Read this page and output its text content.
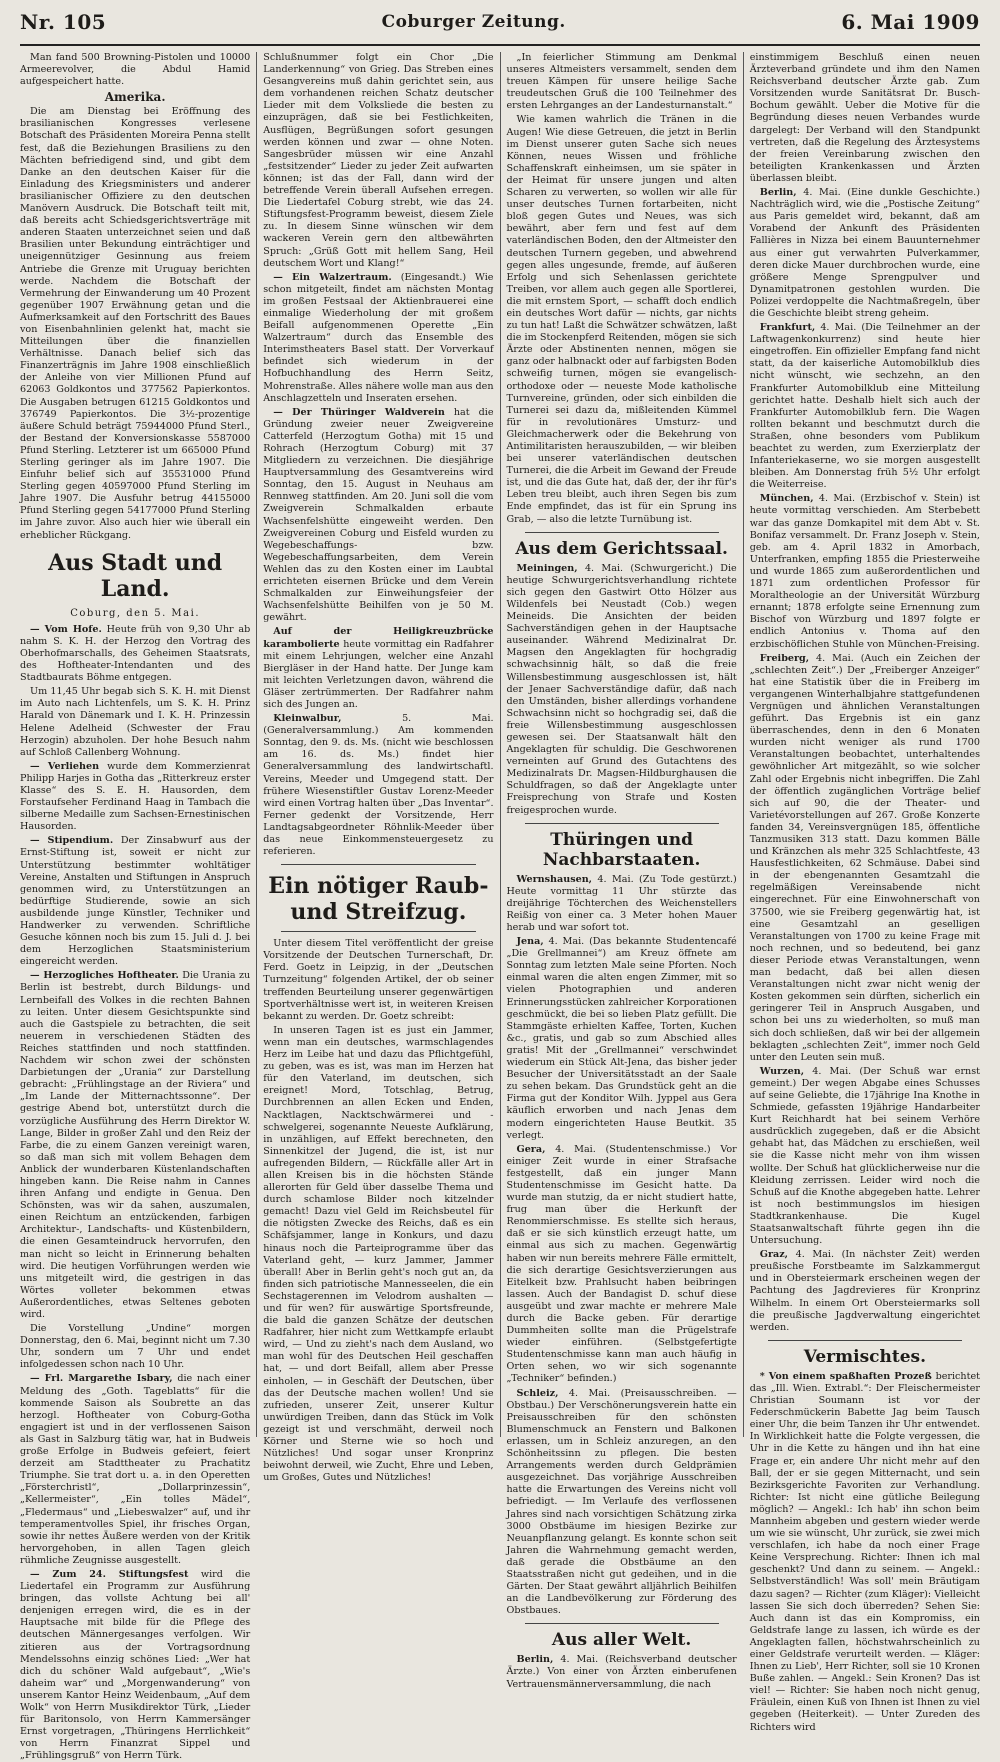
Nr. 105	Coburger Zeitung.	6. Mai 1909

Man fand 500 Browning-Pistolen und 10000 Armeerevolver, die Abdul Hamid aufgespeichert hatte.

Amerika.

Die am Dienstag bei Eröffnung des brasilianischen Kongresses verlesene Botschaft des Präsidenten Moreira Penna stellt fest, daß die Beziehungen Brasiliens zu den Mächten befriedigend sind, und gibt dem Danke an den deutschen Kaiser für die Einladung des Kriegsministers und anderer brasilianischer Offiziere zu den deutschen Manövern Ausdruck. Die Botschaft teilt mit, daß bereits acht Schiedsgerichtsverträge mit anderen Staaten unterzeichnet seien und daß Brasilien unter Bekundung einträchtiger und uneigennütziger Gesinnung aus freiem Antriebe die Grenze mit Uruguay berichten werde. Nachdem die Botschaft der Vermehrung der Einwanderung um 40 Prozent gegenüber 1907 Erwähnung getan und die Aufmerksamkeit auf den Fortschritt des Baues von Eisenbahnlinien gelenkt hat, macht sie Mitteilungen über die finanziellen Verhältnisse. Danach belief sich das Finanzerträgnis im Jahre 1908 einschließlich der Anleihe von vier Millionen Pfund auf 62063 Goldkontos und 377562 Papierkontos. Die Ausgaben betrugen 61215 Goldkontos und 376749 Papierkontos. Die 3½-prozentige äußere Schuld beträgt 75944000 Pfund Sterl., der Bestand der Konversionskasse 5587000 Pfund Sterling. Letzterer ist um 665000 Pfund Sterling geringer als im Jahre 1907. Die Einfuhr belief sich auf 35531000 Pfund Sterling gegen 40597000 Pfund Sterling im Jahre 1907. Die Ausfuhr betrug 44155000 Pfund Sterling gegen 54177000 Pfund Sterling im Jahre zuvor. Also auch hier wie überall ein erheblicher Rückgang.

Aus Stadt und Land.
Coburg, den 5. Mai.

— Vom Hofe. Heute früh von 9,30 Uhr ab nahm S. K. H. der Herzog den Vortrag des Oberhofmarschalls, des Geheimen Staatsrats, des Hoftheater-Intendanten und des Stadtbaurats Böhme entgegen.

Um 11,45 Uhr begab sich S. K. H. mit Dienst im Auto nach Lichtenfels, um S. K. H. Prinz Harald von Dänemark und I. K. H. Prinzessin Helene Adelheid (Schwester der Frau Herzogin) abzuholen. Der hohe Besuch nahm auf Schloß Callenberg Wohnung.

— Verliehen wurde dem Kommerzienrat Philipp Harjes in Gotha das „Ritterkreuz erster Klasse“ des S. E. H. Hausorden, dem Forstaufseher Ferdinand Haag in Tambach die silberne Medaille zum Sachsen-Ernestinischen Hausorden.

— Stipendium. Der Zinsabwurf aus der Ernst-Stiftung ist, soweit er nicht zur Unterstützung bestimmter wohltätiger Vereine, Anstalten und Stiftungen in Anspruch genommen wird, zu Unterstützungen an bedürftige Studierende, sowie an sich ausbildende junge Künstler, Techniker und Handwerker zu verwenden. Schriftliche Gesuche können noch bis zum 15. Juli d. J. bei dem Herzoglichen Staatsministerium eingereicht werden.

— Herzogliches Hoftheater. Die Urania zu Berlin ist bestrebt, durch Bildungs- und Lernbeifall des Volkes in die rechten Bahnen zu leiten. Unter diesem Gesichtspunkte sind auch die Gastspiele zu betrachten, die seit neuerem in verschiedenen Städten des Reiches stattfinden und noch stattfinden. Nachdem wir schon zwei der schönsten Darbietungen der „Urania“ zur Darstellung gebracht: „Frühlingstage an der Riviera“ und „Im Lande der Mitternachtssonne“. Der gestrige Abend bot, unterstützt durch die vorzügliche Ausführung des Herrn Direktor W. Lange, Bilder in großer Zahl und den Reiz der Farbe, die zu einem Ganzen vereinigt waren, so daß man sich mit vollem Behagen dem Anblick der wunderbaren Küstenlandschaften hingeben kann. Die Reise nahm in Cannes ihren Anfang und endigte in Genua. Den Schönsten, was wir da sahen, auszumalen, einen Reichtum an entzückenden, farbigen Architektur-, Landschafts- und Küstenbildern, die einen Gesamteindruck hervorrufen, den man nicht so leicht in Erinnerung behalten wird. Die heutigen Vorführungen werden wie uns mitgeteilt wird, die gestrigen in das Wörtes volleter bekommen etwas Außerordentliches, etwas Seltenes geboten wird.

Die Vorstellung „Undine“ morgen Donnerstag, den 6. Mai, beginnt nicht um 7.30 Uhr, sondern um 7 Uhr und endet infolgedessen schon nach 10 Uhr.

— Frl. Margarethe Isbary, die nach einer Meldung des „Goth. Tageblatts“ für die kommende Saison als Soubrette an das herzogl. Hoftheater von Coburg-Gotha engagiert ist und in der verflossenen Saison als Gast in Salzburg tätig war, hat in Budweis große Erfolge in Budweis gefeiert, feiert derzeit am Stadttheater zu Prachatitz Triumphe. Sie trat dort u. a. in den Operetten „Försterchristl“, „Dollarprinzessin“, „Kellermeister“, „Ein tolles Mädel“, „Fledermaus“ und „Liebeswalzer“ auf, und ihr temperamentvolles Spiel, ihr frisches Organ, sowie ihr nettes Äußere werden von der Kritik hervorgehoben, in allen Tagen gleich rühmliche Zeugnisse ausgestellt.

— Zum 24. Stiftungsfest wird die Liedertafel ein Programm zur Ausführung bringen, das vollste Achtung bei all' denjenigen erregen wird, die es in der Hauptsache mit bilde für die Pflege des deutschen Männergesanges verfolgen. Wir zitieren aus der Vortragsordnung Mendelssohns einzig schönes Lied: „Wer hat dich du schöner Wald aufgebaut“, „Wie's daheim war“ und „Morgenwanderung“ von unserem Kantor Heinz Weidenbaum, „Auf dem Wolk“ von Herrn Musikdirektor Türk, „Lieder für Baritonsolo, von Herrn Kammersänger Ernst vorgetragen, „Thüringens Herrlichkeit“ von Herrn Finanzrat Sippel und „Frühlingsgruß“ von Herrn Türk.

Schlußnummer folgt ein Chor „Die Landerkennung“ von Grieg. Das Streben eines Gesangvereins muß dahin gerichtet sein, aus dem vorhandenen reichen Schatz deutscher Lieder mit dem Volksliede die besten zu einzuprägen, daß sie bei Festlichkeiten, Ausflügen, Begrüßungen sofort gesungen werden können und zwar — ohne Noten. Sangesbrüder müssen wir eine Anzahl „festsitzender“ Lieder zu jeder Zeit aufwarten können; ist das der Fall, dann wird der betreffende Verein überall Aufsehen erregen. Die Liedertafel Coburg strebt, wie das 24. Stiftungsfest-Programm beweist, diesem Ziele zu. In diesem Sinne wünschen wir dem wackeren Verein gern den altbewährten Spruch: „Grüß Gott mit hellem Sang, Heil deutschem Wort und Klang!“

— Ein Walzertraum. (Eingesandt.) Wie schon mitgeteilt, findet am nächsten Montag im großen Festsaal der Aktienbrauerei eine einmalige Wiederholung der mit großem Beifall aufgenommenen Operette „Ein Walzertraum“ durch das Ensemble des Interimstheaters Basel statt. Der Vorverkauf befindet sich wiederum in der Hofbuchhandlung des Herrn Seitz, Mohrenstraße. Alles nähere wolle man aus den Anschlagzetteln und Inseraten ersehen.

— Der Thüringer Waldverein hat die Gründung zweier neuer Zweigvereine Catterfeld (Herzogtum Gotha) mit 15 und Rohrach (Herzogtum Coburg) mit 37 Mitgliedern zu verzeichnen. Die diesjährige Hauptversammlung des Gesamtvereins wird Sonntag, den 15. August in Neuhaus am Rennweg stattfinden. Am 20. Juni soll die vom Zweigverein Schmalkalden erbaute Wachsenfelshütte eingeweiht werden. Den Zweigvereinen Coburg und Eisfeld wurden zu Wegebeschaffungs- bzw. Wegebeschaffungsarbeiten, dem Verein Wehlen das zu den Kosten einer im Laubtal errichteten eisernen Brücke und dem Verein Schmalkalden zur Einweihungsfeier der Wachsenfelshütte Beihilfen von je 50 M. gewährt.

Auf der Heiligkreuzbrücke karambolierte heute vormittag ein Radfahrer mit einem Lehrjungen, welcher eine Anzahl Biergläser in der Hand hatte. Der Junge kam mit leichten Verletzungen davon, während die Gläser zertrümmerten. Der Radfahrer nahm sich des Jungen an.

Kleinwalbur,	5. Mai. (Generalversammlung.) Am kommenden Sonntag, den 9. ds. Ms. (nicht wie beschlossen am 16. ds. Ms.) findet hier Generalversammlung des landwirtschaftl. Vereins, Meeder und Umgegend statt. Der frühere Wiesenstiftler Gustav Lorenz-Meeder wird einen Vortrag halten über „Das Inventar“. Ferner gedenkt der Vorsitzende, Herr Landtagsabgeordneter Röhnlik-Meeder über das neue Einkommensteuergesetz zu referieren.

Ein nötiger Raub- und Streifzug.

Unter diesem Titel veröffentlicht der greise Vorsitzende der Deutschen Turnerschaft, Dr. Ferd. Goetz in Leipzig, in der „Deutschen Turnzeitung“ folgenden Artikel, der ob seiner treffenden Beurteilung unserer gegenwärtigen Sportverhältnisse wert ist, in weiteren Kreisen bekannt zu werden. Dr. Goetz schreibt:

In unseren Tagen ist es just ein Jammer, wenn man ein deutsches, warmschlagendes Herz im Leibe hat und dazu das Pflichtgefühl, zu geben, was es ist, was man im Herzen hat für den Vaterland, im deutschen, sich ereignet! Mord, Totschlag, Betrug, Durchbrennen an allen Ecken und Enden, Nacktlagen, Nacktschwärmerei und -schwelgerei, sogenannte Neueste Aufklärung, in unzähligen, auf Effekt berechneten, den Sinnenkitzel der Jugend, die ist, ist nur aufregenden Bildern, — Rückfälle aller Art in allen Kreisen bis in die höchsten Stände allerorten für Geld über dasselbe Thema und durch schamlose Bilder noch kitzelnder gemacht! Dazu viel Geld im Reichsbeutel für die nötigsten Zwecke des Reichs, daß es ein Schäfsjammer, lange in Konkurs, und dazu hinaus noch die Parteiprogramme über das Vaterland geht, — kurz Jammer, Jammer überall! Aber in Berlin geht's noch gut an, da finden sich patriotische Mannesseelen, die ein Sechstagerennen im Velodrom aushalten — und für wen? für auswärtige Sportsfreunde, die bald die ganzen Schätze der deutschen Radfahrer, hier nicht zum Wettkampfe erlaubt wird, — Und zu zieht's nach dem Ausland, wo man wohl für des Deutschen Heil geschaffen hat, — und dort Beifall, allem aber Presse einholen, — in Geschäft der Deutschen, über das der Deutsche machen wollen! Und sie zufrieden, unserer Zeit, unserer Kultur unwürdigen Treiben, dann das Stück im Volk gezeigt ist und verschmäht, derweil noch Körner und Sterne wie so hoch und Nützliches! Und sogar unser Kronprinz beiwohnt derweil, wie Zucht, Ehre und Leben, um Großes, Gutes und Nützliches!

„In feierlicher Stimmung am Denkmal unseres Altmeisters versammelt, senden dem treuen Kämpen für unsere heilige Sache treudeutschen Gruß die 100 Teilnehmer des ersten Lehrganges an der Landesturnanstalt.“

Wie kamen wahrlich die Tränen in die Augen! Wie diese Getreuen, die jetzt in Berlin im Dienst unserer guten Sache sich neues Können, neues Wissen und fröhliche Schaffenskraft einheimsen, um sie später in der Heimat für unsere jungen und alten Scharen zu verwerten, so wollen wir alle für unser deutsches Turnen fortarbeiten, nicht bloß gegen Gutes und Neues, was sich bewährt, aber fern und fest auf dem vaterländischen Boden, den der Altmeister den deutschen Turnern gegeben, und abwehrend gegen alles ungesunde, fremde, auf äußeren Erfolg und sich Sehenlassen gerichtete Treiben, vor allem auch gegen alle Sportlerei, die mit ernstem Sport, — schafft doch endlich ein deutsches Wort dafür — nichts, gar nichts zu tun hat! Laßt die Schwätzer schwätzen, laßt die im Stockenpferd Reitenden, mögen sie sich Ärzte oder Abstinenten nennen, mögen sie ganz oder halbnackt oder auf farbigsten Boden schweifig turnen, mögen sie evangelisch-orthodoxe oder — neueste Mode katholische Turnvereine, gründen, oder sich einbilden die Turnerei sei dazu da, mißleitenden Kümmel für in revolutionäres Umsturz- und Gleichmacherwerk oder die Bekehrung von Antimilitaristen herauszubilden, — wir bleiben bei unserer vaterländischen deutschen Turnerei, die die Arbeit im Gewand der Freude ist, und die das Gute hat, daß der, der ihr für's Leben treu bleibt, auch ihren Segen bis zum Ende empfindet, das ist für ein Sprung ins Grab, — also die letzte Turnübung ist.

Aus dem Gerichtssaal.

Meiningen, 4. Mai. (Schwurgericht.) Die heutige Schwurgerichtsverhandlung richtete sich gegen den Gastwirt Otto Hölzer aus Wildenfels bei Neustadt (Cob.) wegen Meineids. Die Ansichten der beiden Sachverständigen gehen in der Hauptsache auseinander. Während Medizinalrat Dr. Magsen den Angeklagten für hochgradig schwachsinnig hält, so daß die freie Willensbestimmung ausgeschlossen ist, hält der Jenaer Sachverständige dafür, daß nach den Umständen, bisher allerdings vorhandene Schwachsinn nicht so hochgradig sei, daß die freie Willensbestimmung ausgeschlossen gewesen sei. Der Staatsanwalt hält den Angeklagten für schuldig. Die Geschworenen verneinten auf Grund des Gutachtens des Medizinalrats Dr. Magsen-Hildburghausen die Schuldfragen, so daß der Angeklagte unter Freisprechung von Strafe und Kosten freigesprochen wurde.

Thüringen und Nachbarstaaten.

Wernshausen, 4. Mai. (Zu Tode gestürzt.) Heute vormittag 11 Uhr stürzte das dreijährige Töchterchen des Weichenstellers Reißig von einer ca. 3 Meter hohen Mauer herab und war sofort tot.

Jena, 4. Mai. (Das bekannte Studentencafé „Die Grellmannei“) am Kreuz öffnete am Sonntag zum letzten Male seine Pforten. Noch einmal waren die alten engen Zimmer, mit so vielen Photographien und anderen Erinnerungsstücken zahlreicher Korporationen geschmückt, die bei so lieben Platz gefüllt. Die Stammgäste erhielten Kaffee, Torten, Kuchen &c., gratis, und gab so zum Abschied alles gratis! Mit der „Grellmannei“ verschwindet wiederum ein Stück Alt-Jena, das bisher jeder Besucher der Universitätsstadt an der Saale zu sehen bekam. Das Grundstück geht an die Firma gut der Konditor Wilh. Jyppel aus Gera käuflich erworben und nach Jenas dem modern eingerichteten Hause Beutkit. 35 verlegt.

Gera, 4. Mai. (Studentenschmisse.) Vor einiger Zeit wurde in einer Strafsache festgestellt, daß ein junger Mann Studentenschmisse im Gesicht hatte. Da wurde man stutzig, da er nicht studiert hatte, frug man über die Herkunft der Renommierschmisse. Es stellte sich heraus, daß er sie sich künstlich erzeugt hatte, um einmal aus sich zu machen. Gegenwärtig haben wir nun bereits mehrere Fälle ermittelt, die sich derartige Gesichtsverzierungen aus Eitelkeit bzw. Prahlsucht haben beibringen lassen. Auch der Bandagist D. schuf diese ausgeübt und zwar machte er mehrere Male durch die Backe geben. Für derartige Dummheiten sollte man die Prügelstrafe wieder einführen. (Selbstgefertigte Studentenschmisse kann man auch häufig in Orten sehen, wo wir sich sogenannte „Techniker“ befinden.)

Schleiz, 4. Mai. (Preisausschreiben. — Obstbau.) Der Verschönerungsverein hatte ein Preisausschreiben für den schönsten Blumenschmuck an Fenstern und Balkonen erlassen, um in Schleiz anzuregen, an den Schönheitssinn zu pflegen. Die besten Arrangements werden durch Geldprämien ausgezeichnet. Das vorjährige Ausschreiben hatte die Erwartungen des Vereins nicht voll befriedigt. — Im Verlaufe des verflossenen Jahres sind nach vorsichtigen Schätzung zirka 3000 Obstbäume im hiesigen Bezirke zur Neuanpflanzung gelangt. Es konnte schon seit Jahren die Wahrnehmung gemacht werden, daß gerade die Obstbäume an den Staatsstraßen nicht gut gedeihen, und in die Gärten. Der Staat gewährt alljährlich Beihilfen an die Landbevölkerung zur Förderung des Obstbaues.

Aus aller Welt.

Berlin, 4. Mai. (Reichsverband deutscher Ärzte.) Von einer von Ärzten einberufenen Vertrauensmännerversammlung, die nach

einstimmigem Beschluß einen neuen Ärzteverband gründete und ihm den Namen Reichsverband deutscher Ärzte gab. Zum Vorsitzenden wurde Sanitätsrat Dr. Busch-Bochum gewählt. Ueber die Motive für die Begründung dieses neuen Verbandes wurde dargelegt: Der Verband will den Standpunkt vertreten, daß die Regelung des Ärztesystems der freien Vereinbarung zwischen den beteiligten Krankenkassen und Ärzten überlassen bleibt.

Berlin, 4. Mai. (Eine dunkle Geschichte.) Nachträglich wird, wie die „Postische Zeitung“ aus Paris gemeldet wird, bekannt, daß am Vorabend der Ankunft des Präsidenten Fallières in Nizza bei einem Bauunternehmer aus einer gut verwahrten Pulverkammer, deren dicke Mauer durchbrochen wurde, eine größere Menge Sprengpulver und Dynamitpatronen gestohlen wurden. Die Polizei verdoppelte die Nachtmaßregeln, über die Geschichte bleibt streng geheim.

Frankfurt, 4. Mai. (Die Teilnehmer an der Laftwagenkonkurrenz) sind heute hier eingetroffen. Ein offizieller Empfang fand nicht statt, da der kaiserliche Automobilklub dies nicht wünscht, wie sechzehn, an den Frankfurter Automobilklub eine Mitteilung gerichtet hatte. Deshalb hielt sich auch der Frankfurter Automobilklub fern. Die Wagen rollten bekannt und beschmutzt durch die Straßen, ohne besonders vom Publikum beachtet zu werden, zum Exerzierplatz der Infanteriekaserne, wo sie morgen ausgestellt bleiben. Am Donnerstag früh 5½ Uhr erfolgt die Weiterreise.

München, 4. Mai. (Erzbischof v. Stein) ist heute vormittag verschieden. Am Sterbebett war das ganze Domkapitel mit dem Abt v. St. Bonifaz versammelt. Dr. Franz Joseph v. Stein, geb. am 4. April 1832 in Amorbach, Unterfranken, empfing 1855 die Priesterweihe und wurde 1865 zum außerordentlichen und 1871 zum ordentlichen Professor für Moraltheologie an der Universität Würzburg ernannt; 1878 erfolgte seine Ernennung zum Bischof von Würzburg und 1897 folgte er endlich Antonius v. Thoma auf den erzbischöflichen Stuhle von München-Freising.

Freiberg, 4. Mai. (Auch ein Zeichen der „schlechten Zeit“.) Der „Freiberger Anzeiger“ hat eine Statistik über die in Freiberg im vergangenen Winterhalbjahre stattgefundenen Vergnügen und ähnlichen Veranstaltungen geführt. Das Ergebnis ist ein ganz überraschendes, denn in den 6 Monaten wurden nicht weniger als rund 1700 Veranstaltungen beobachtet, unterhaltendes gewöhnlicher Art mitgezählt, so wie solcher Zahl oder Ergebnis nicht inbegriffen. Die Zahl der öffentlich zugänglichen Vorträge belief sich auf 90, die der Theater- und Varietévorstellungen auf 267. Große Konzerte fanden 34, Vereinsvergnügen 185, öffentliche Tanzmusiken 313 statt. Dazu kommen Bälle und Kränzchen als mehr 325 Schlachtfeste, 43 Hausfestlichkeiten, 62 Schmäuse. Dabei sind in der ebengenannten Gesamtzahl die regelmäßigen Vereinsabende nicht eingerechnet. Für eine Einwohnerschaft von 37500, wie sie Freiberg gegenwärtig hat, ist eine Gesamtzahl an geselligen Veranstaltungen von 1700 zu keine Frage mit noch rechnen, und so bedeutend, bei ganz dieser Periode etwas Veranstaltungen, wenn man bedacht, daß bei allen diesen Veranstaltungen nicht zwar nicht wenig der Kosten gekommen sein dürften, sicherlich ein geringerer Teil in Anspruch Ausgaben, und schon bei uns zu wiederholten, so muß man sich doch schließen, daß wir bei der allgemein beklagten „schlechten Zeit“, immer noch Geld unter den Leuten sein muß.

Wurzen, 4. Mai. (Der Schuß war ernst gemeint.) Der wegen Abgabe eines Schusses auf seine Geliebte, die 17jährige Ina Knothe in Schmiede, gefassten 19jährige Handarbeiter Kurt Reichhardt hat bei seinem Verhöre ausdrücklich zugegeben, daß er die Absicht gehabt hat, das Mädchen zu erschießen, weil sie die Kasse nicht mehr von ihm wissen wollte. Der Schuß hat glücklicherweise nur die Kleidung zerrissen. Leider wird noch die Schuß auf die Knothe abgegeben hatte. Lehrer ist noch bestimmungslos im hiesigen Stadtkrankenhause. Die Kugel Staatsanwaltschaft führte gegen ihn die Untersuchung.

Graz, 4. Mai. (In nächster Zeit) werden preußische Forstbeamte im Salzkammergut und in Obersteiermark erscheinen wegen der Pachtung des Jagdrevieres für Kronprinz Wilhelm. In einem Ort Obersteiermarks soll die preußische Jagdverwaltung eingerichtet werden.

Vermischtes.

* Von einem spaßhaften Prozeß berichtet das „Ill. Wien. Extrabl.“: Der Fleischermeister Christian Soumann ist vor der Federschmückerin Babette Jag beim Tausch einer Uhr, die beim Tanzen ihr Uhr entwendet. In Wirklichkeit hatte die Folgte vergessen, die Uhr in die Kette zu hängen und ihn hat eine Frage er, ein andere Uhr nicht mehr auf den Ball, der er sie gegen Mitternacht, und sein Bezirksgerichte Favoriten zur Verhandlung. Richter: Ist nicht eine gütliche Beilegung möglich? — Angekl.: Ich hab' ihn schon beim Mannheim abgeben und gestern wieder werde um wie sie wünscht, Uhr zurück, sie zwei mich verschlafen, ich habe da noch einer Frage Keine Versprechung. Richter: Ihnen ich mal geschenkt? Und dann zu seinem. — Angekl.: Selbstverständlich! Was soll' mein Bräutigam dazu sagen? — Richter (zum Kläger): Vielleicht lassen Sie sich doch überreden? Sehen Sie: Auch dann ist das ein Kompromiss, ein Geldstrafe lange zu lassen, ich würde es der Angeklagten fallen, höchstwahrscheinlich zu einer Geldstrafe verurteilt werden. — Kläger: Ihnen zu Lieb', Herr Richter, soll sie 10 Kronen Buße zahlen. — Angekl.: Sein Kronen? Das ist viel! — Richter: Sie haben noch nicht genug, Fräulein, einen Kuß von Ihnen ist Ihnen zu viel gegeben (Heiterkeit). — Unter Zureden des Richters wird
